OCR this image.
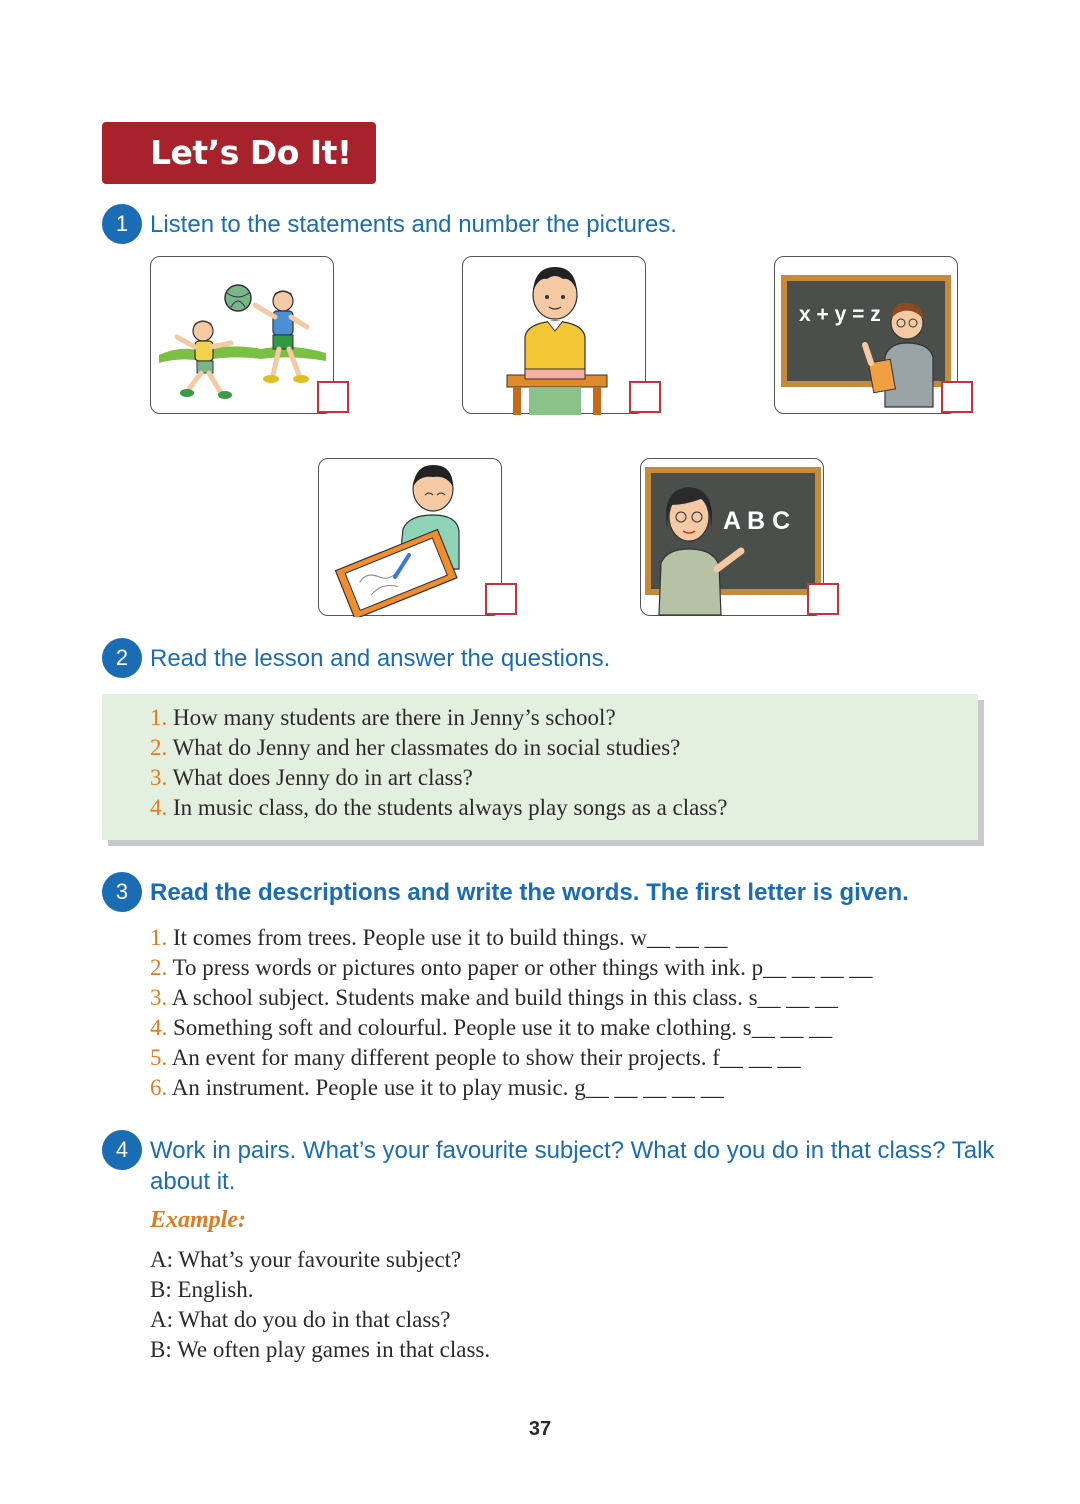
Let’s Do It!
1 Listen to the statements and number the pictures.
x + y = z
A B C
2 Read the lesson and answer the questions.
1. How many students are there in Jenny’s school?
2. What do Jenny and her classmates do in social studies?
3. What does Jenny do in art class?
4. In music class, do the students always play songs as a class?
3 Read the descriptions and write the words. The first letter is given.
1. It comes from trees. People use it to build things. w__ __ __
2. To press words or pictures onto paper or other things with ink. p__ __ __ __
3. A school subject. Students make and build things in this class. s__ __ __
4. Something soft and colourful. People use it to make clothing. s__ __ __
5. An event for many different people to show their projects. f__ __ __
6. An instrument. People use it to play music. g__ __ __ __ __
4 Work in pairs. What’s your favourite subject? What do you do in that class? Talk about it.
Example:
A: What’s your favourite subject?
B: English.
A: What do you do in that class?
B: We often play games in that class.
37
